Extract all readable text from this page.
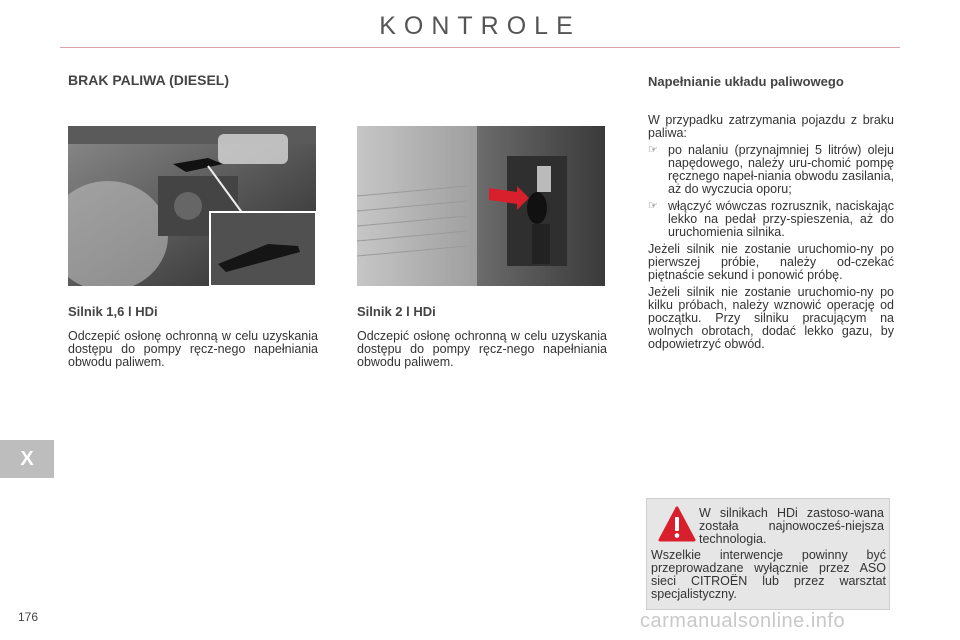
KONTROLE
BRAK PALIWA (DIESEL)
Silnik 1,6 l HDi
Odczepić osłonę ochronną w celu uzyskania dostępu do pompy ręcz-nego napełniania obwodu paliwem.
Silnik 2 l HDi
Odczepić osłonę ochronną w celu uzyskania dostępu do pompy ręcz-nego napełniania obwodu paliwem.
Napełnianie układu paliwowego

W przypadku zatrzymania pojazdu z braku paliwa:

☞ po nalaniu (przynajmniej 5 litrów) oleju napędowego, należy uru-chomić pompę ręcznego napeł-niania obwodu zasilania, aż do wyczucia oporu;
☞ włączyć wówczas rozrusznik, naciskając lekko na pedał przy-spieszenia, aż do uruchomienia silnika.

Jeżeli silnik nie zostanie uruchomio-ny po pierwszej próbie, należy od-czekać piętnaście sekund i ponowić próbę.

Jeżeli silnik nie zostanie uruchomio-ny po kilku próbach, należy wznowić operację od początku. Przy silniku pracującym na wolnych obrotach, dodać lekko gazu, by odpowietrzyć obwód.

W silnikach HDi zastoso-wana została najnowocześ-niejsza technologia.
Wszelkie interwencje powinny być przeprowadzane wyłącznie przez ASO sieci CITROËN lub przez warsztat specjalistyczny.
X
176	carmanualsonline.info
